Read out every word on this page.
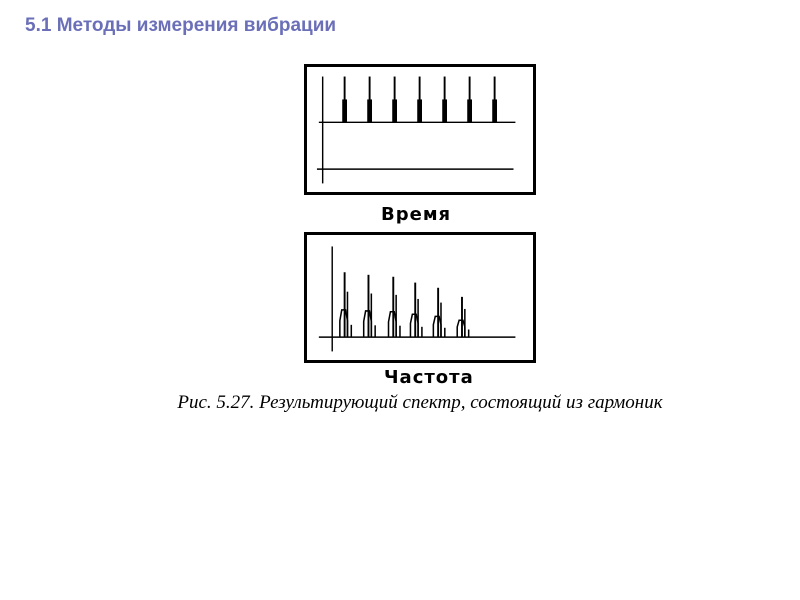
5.1 Методы измерения вибрации
Время
Частота
Рис. 5.27. Результирующий спектр, состоящий из гармоник
